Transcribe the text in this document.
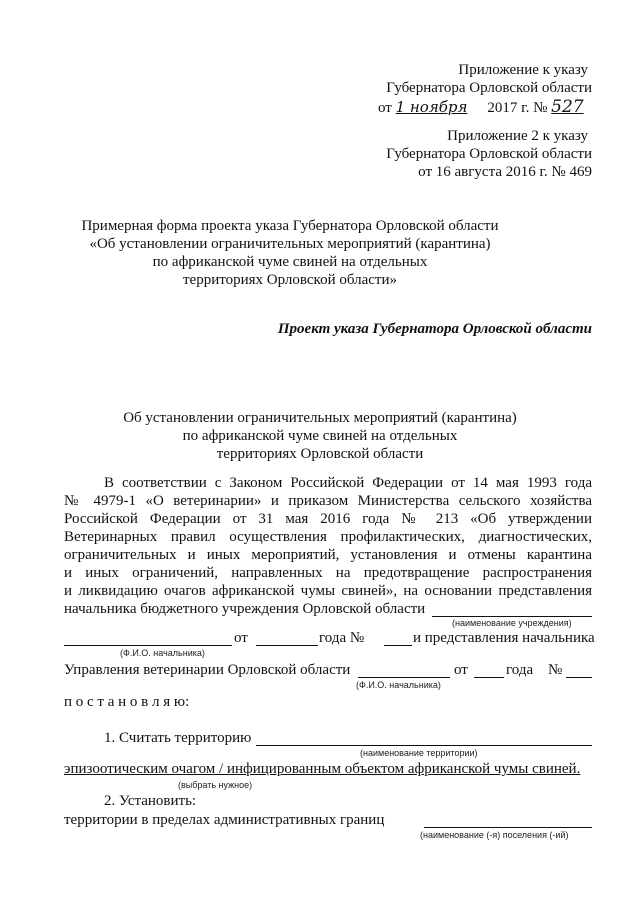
Приложение к указу
Губернатора Орловской области
от 1 ноября 2017 г. № 527
Приложение 2 к указу
Губернатора Орловской области
от 16 августа 2016 г. № 469
Примерная форма проекта указа Губернатора Орловской области
«Об установлении ограничительных мероприятий (карантина)
по африканской чуме свиней на отдельных
территориях Орловской области»
Проект указа Губернатора Орловской области
Об установлении ограничительных мероприятий (карантина)
по африканской чуме свиней на отдельных
территориях Орловской области
В соответствии с Законом Российской Федерации от 14 мая 1993 года
№ 4979-1 «О ветеринарии» и приказом Министерства сельского хозяйства
Российской Федерации от 31 мая 2016 года № 213 «Об утверждении
Ветеринарных правил осуществления профилактических, диагностических,
ограничительных и иных мероприятий, установления и отмены карантина
и иных ограничений, направленных на предотвращение распространения
и ликвидацию очагов африканской чумы свиней», на основании представления
начальника бюджетного учреждения Орловской области
(наименование учреждения)
от	года №	и представления начальника
(Ф.И.О. начальника)
Управления ветеринарии Орловской области	от	года №
(Ф.И.О. начальника)
п о с т а н о в л я ю:
1. Считать территорию
(наименование территории)
эпизоотическим очагом / инфицированным объектом африканской чумы свиней.
(выбрать нужное)
2. Установить:
территории в пределах административных границ
(наименование (-я) поселения (-ий)
